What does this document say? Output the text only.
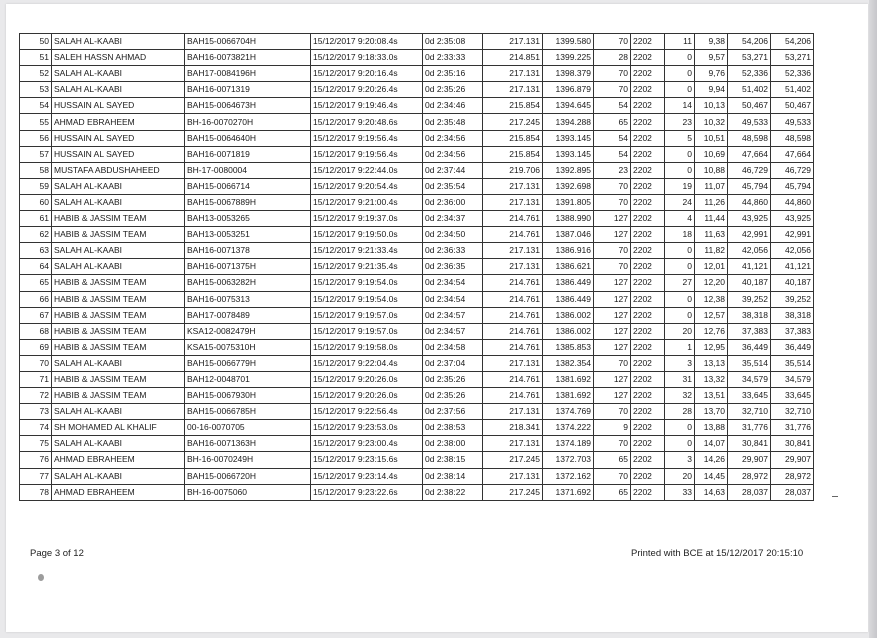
50	SALAH AL-KAABI	BAH15-0066704H	15/12/2017 9:20:08.4s	0d 2:35:08	217.131	1399.580	70	2202	11	9,38	54,206	54,206
51	SALEH HASSN AHMAD	BAH16-0073821H	15/12/2017 9:18:33.0s	0d 2:33:33	214.851	1399.225	28	2202	0	9,57	53,271	53,271
52	SALAH AL-KAABI	BAH17-0084196H	15/12/2017 9:20:16.4s	0d 2:35:16	217.131	1398.379	70	2202	0	9,76	52,336	52,336
53	SALAH AL-KAABI	BAH16-0071319	15/12/2017 9:20:26.4s	0d 2:35:26	217.131	1396.879	70	2202	0	9,94	51,402	51,402
54	HUSSAIN AL SAYED	BAH15-0064673H	15/12/2017 9:19:46.4s	0d 2:34:46	215.854	1394.645	54	2202	14	10,13	50,467	50,467
55	AHMAD EBRAHEEM	BH-16-0070270H	15/12/2017 9:20:48.6s	0d 2:35:48	217.245	1394.288	65	2202	23	10,32	49,533	49,533
56	HUSSAIN AL SAYED	BAH15-0064640H	15/12/2017 9:19:56.4s	0d 2:34:56	215.854	1393.145	54	2202	5	10,51	48,598	48,598
57	HUSSAIN AL SAYED	BAH16-0071819	15/12/2017 9:19:56.4s	0d 2:34:56	215.854	1393.145	54	2202	0	10,69	47,664	47,664
58	MUSTAFA ABDUSHAHEED	BH-17-0080004	15/12/2017 9:22:44.0s	0d 2:37:44	219.706	1392.895	23	2202	0	10,88	46,729	46,729
59	SALAH AL-KAABI	BAH15-0066714	15/12/2017 9:20:54.4s	0d 2:35:54	217.131	1392.698	70	2202	19	11,07	45,794	45,794
60	SALAH AL-KAABI	BAH15-0067889H	15/12/2017 9:21:00.4s	0d 2:36:00	217.131	1391.805	70	2202	24	11,26	44,860	44,860
61	HABIB & JASSIM TEAM	BAH13-0053265	15/12/2017 9:19:37.0s	0d 2:34:37	214.761	1388.990	127	2202	4	11,44	43,925	43,925
62	HABIB & JASSIM TEAM	BAH13-0053251	15/12/2017 9:19:50.0s	0d 2:34:50	214.761	1387.046	127	2202	18	11,63	42,991	42,991
63	SALAH AL-KAABI	BAH16-0071378	15/12/2017 9:21:33.4s	0d 2:36:33	217.131	1386.916	70	2202	0	11,82	42,056	42,056
64	SALAH AL-KAABI	BAH16-0071375H	15/12/2017 9:21:35.4s	0d 2:36:35	217.131	1386.621	70	2202	0	12,01	41,121	41,121
65	HABIB & JASSIM TEAM	BAH15-0063282H	15/12/2017 9:19:54.0s	0d 2:34:54	214.761	1386.449	127	2202	27	12,20	40,187	40,187
66	HABIB & JASSIM TEAM	BAH16-0075313	15/12/2017 9:19:54.0s	0d 2:34:54	214.761	1386.449	127	2202	0	12,38	39,252	39,252
67	HABIB & JASSIM TEAM	BAH17-0078489	15/12/2017 9:19:57.0s	0d 2:34:57	214.761	1386.002	127	2202	0	12,57	38,318	38,318
68	HABIB & JASSIM TEAM	KSA12-0082479H	15/12/2017 9:19:57.0s	0d 2:34:57	214.761	1386.002	127	2202	20	12,76	37,383	37,383
69	HABIB & JASSIM TEAM	KSA15-0075310H	15/12/2017 9:19:58.0s	0d 2:34:58	214.761	1385.853	127	2202	1	12,95	36,449	36,449
70	SALAH AL-KAABI	BAH15-0066779H	15/12/2017 9:22:04.4s	0d 2:37:04	217.131	1382.354	70	2202	3	13,13	35,514	35,514
71	HABIB & JASSIM TEAM	BAH12-0048701	15/12/2017 9:20:26.0s	0d 2:35:26	214.761	1381.692	127	2202	31	13,32	34,579	34,579
72	HABIB & JASSIM TEAM	BAH15-0067930H	15/12/2017 9:20:26.0s	0d 2:35:26	214.761	1381.692	127	2202	32	13,51	33,645	33,645
73	SALAH AL-KAABI	BAH15-0066785H	15/12/2017 9:22:56.4s	0d 2:37:56	217.131	1374.769	70	2202	28	13,70	32,710	32,710
74	SH MOHAMED AL KHALIF	00-16-0070705	15/12/2017 9:23:53.0s	0d 2:38:53	218.341	1374.222	9	2202	0	13,88	31,776	31,776
75	SALAH AL-KAABI	BAH16-0071363H	15/12/2017 9:23:00.4s	0d 2:38:00	217.131	1374.189	70	2202	0	14,07	30,841	30,841
76	AHMAD EBRAHEEM	BH-16-0070249H	15/12/2017 9:23:15.6s	0d 2:38:15	217.245	1372.703	65	2202	3	14,26	29,907	29,907
77	SALAH AL-KAABI	BAH15-0066720H	15/12/2017 9:23:14.4s	0d 2:38:14	217.131	1372.162	70	2202	20	14,45	28,972	28,972
78	AHMAD EBRAHEEM	BH-16-0075060	15/12/2017 9:23:22.6s	0d 2:38:22	217.245	1371.692	65	2202	33	14,63	28,037	28,037
Page 3 of 12	Printed with BCE at 15/12/2017 20:15:10
